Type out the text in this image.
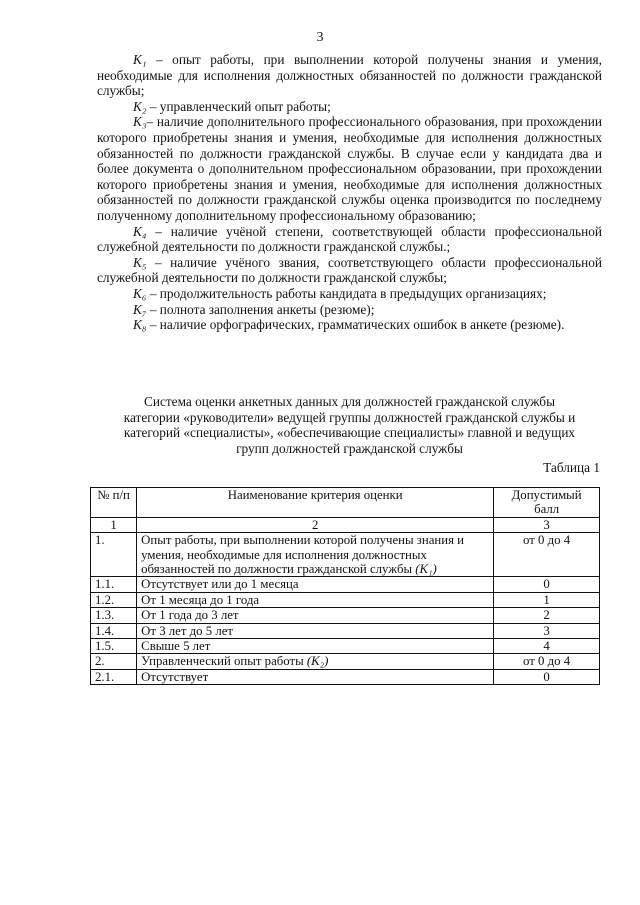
3

K₁ – опыт работы, при выполнении которой получены знания и умения, необходимые для исполнения должностных обязанностей по должности гражданской службы;

K₂ – управленческий опыт работы;

K₃– наличие дополнительного профессионального образования, при прохождении которого приобретены знания и умения, необходимые для исполнения должностных обязанностей по должности гражданской службы. В случае если у кандидата два и более документа о дополнительном профессиональном образовании, при прохождении которого приобретены знания и умения, необходимые для исполнения должностных обязанностей по должности гражданской службы оценка производится по последнему полученному дополнительному профессиональному образованию;

K₄ – наличие учёной степени, соответствующей области профессиональной служебной деятельности по должности гражданской службы.;

K₅ – наличие учёного звания, соответствующего области профессиональной служебной деятельности по должности гражданской службы;

K₆ – продолжительность работы кандидата в предыдущих организациях;

K₇ – полнота заполнения анкеты (резюме);

K₈ – наличие орфографических, грамматических ошибок в анкете (резюме).

Система оценки анкетных данных для должностей гражданской службы
категории «руководители» ведущей группы должностей гражданской службы и
категорий «специалисты», «обеспечивающие специалисты» главной и ведущих
групп должностей гражданской службы
Таблица 1
№ п/п	Наименование критерия оценки	Допустимый балл
1	2	3
1.	Опыт работы, при выполнении которой получены знания и умения, необходимые для исполнения должностных обязанностей по должности гражданской службы (K₁)	от 0 до 4
1.1.	Отсутствует или до 1 месяца	0
1.2.	От 1 месяца до 1 года	1
1.3.	От 1 года до 3 лет	2
1.4.	От 3 лет до 5 лет	3
1.5.	Свыше 5 лет	4
2.	Управленческий опыт работы (K₂)	от 0 до 4
2.1.	Отсутствует	0
